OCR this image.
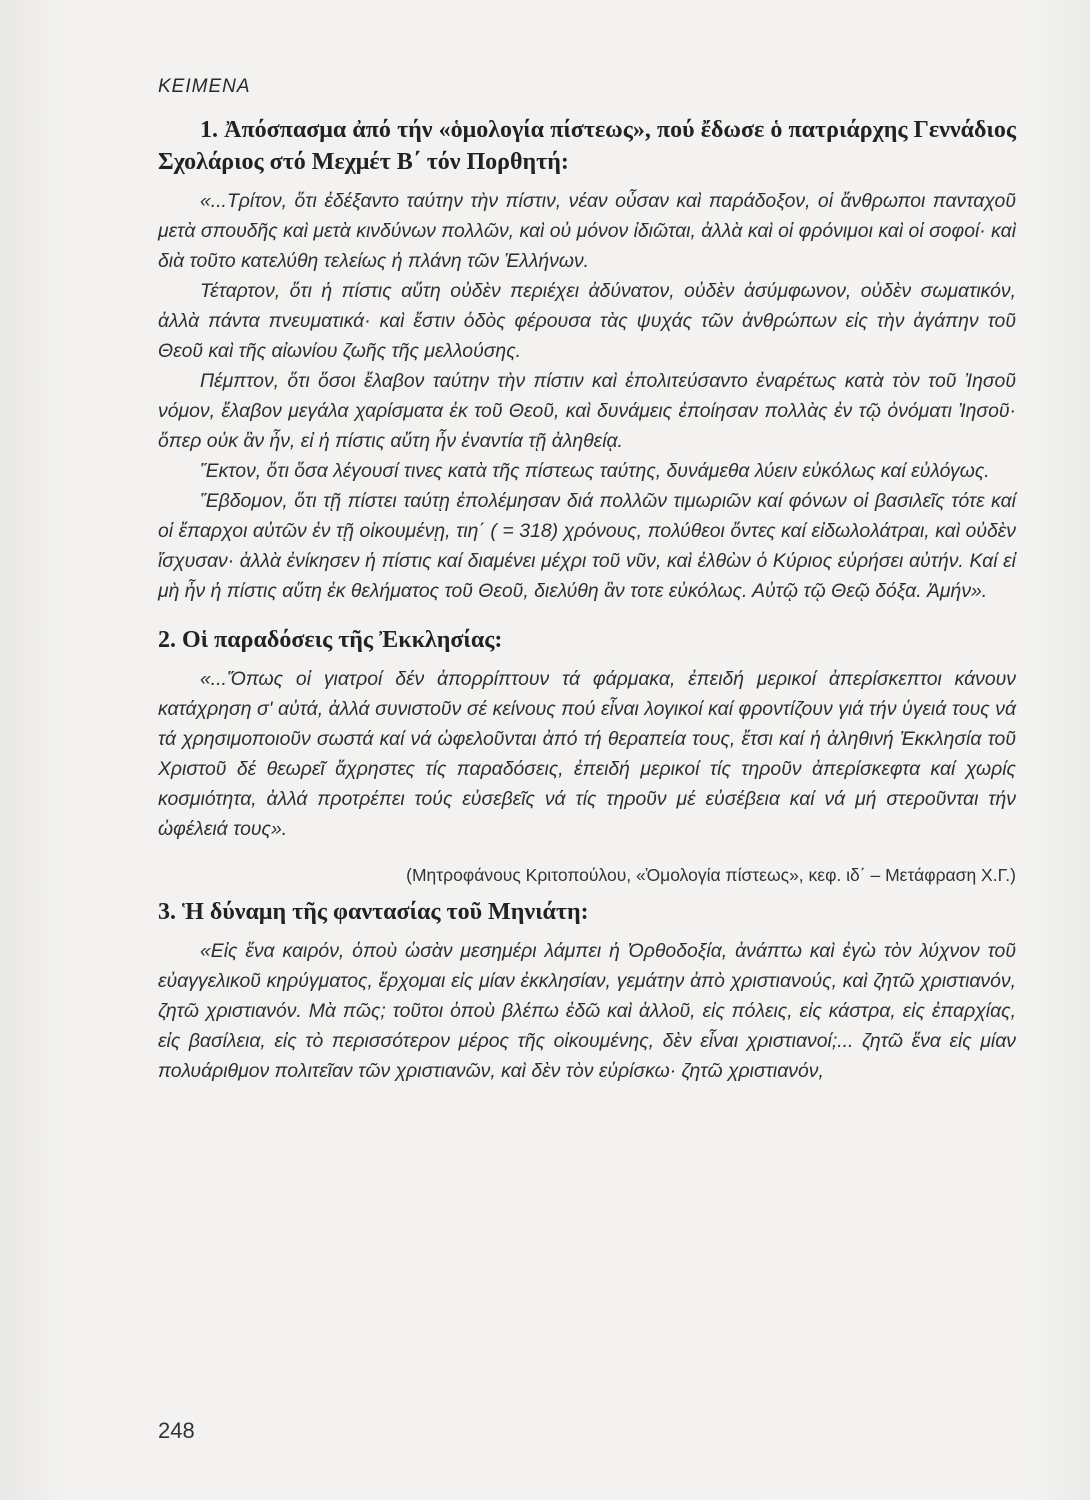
ΚΕΙΜΕΝΑ
1. Ἀπόσπασμα ἀπό τήν «ὁμολογία πίστεως», πού ἔδωσε ὁ πατριάρχης Γεννάδιος Σχολάριος στό Μεχμέτ Β΄ τόν Πορθητή:

«...Τρίτον, ὅτι ἐδέξαντο ταύτην τὴν πίστιν, νέαν οὖσαν καὶ παράδοξον, οἱ ἄνθρωποι πανταχοῦ μετὰ σπουδῆς καὶ μετὰ κινδύνων πολλῶν, καὶ οὐ μόνον ἰδιῶται, ἀλλὰ καὶ οἱ φρόνιμοι καὶ οἱ σοφοί· καὶ διὰ τοῦτο κατελύθη τελείως ἡ πλάνη τῶν Ἑλλήνων.

Τέταρτον, ὅτι ἡ πίστις αὕτη οὐδὲν περιέχει ἀδύνατον, οὐδὲν ἀσύμφωνον, οὐδὲν σωματικόν, ἀλλὰ πάντα πνευματικά· καὶ ἔστιν ὁδὸς φέρουσα τὰς ψυχάς τῶν ἀνθρώπων εἰς τὴν ἀγάπην τοῦ Θεοῦ καὶ τῆς αἰωνίου ζωῆς τῆς μελλούσης.

Πέμπτον, ὅτι ὅσοι ἔλαβον ταύτην τὴν πίστιν καὶ ἐπολιτεύσαντο ἐναρέτως κατὰ τὸν τοῦ Ἰησοῦ νόμον, ἔλαβον μεγάλα χαρίσματα ἐκ τοῦ Θεοῦ, καὶ δυνάμεις ἐποίησαν πολλὰς ἐν τῷ ὀνόματι Ἰησοῦ· ὅπερ οὐκ ἂν ἦν, εἰ ἡ πίστις αὕτη ἦν ἐναντία τῇ ἀληθείᾳ.

Ἕκτον, ὅτι ὅσα λέγουσί τινες κατὰ τῆς πίστεως ταύτης, δυνάμεθα λύειν εὐκόλως καί εὐλόγως.

Ἕβδομον, ὅτι τῇ πίστει ταύτῃ ἐπολέμησαν διά πολλῶν τιμωριῶν καί φόνων οἱ βασιλεῖς τότε καί οἱ ἔπαρχοι αὐτῶν ἐν τῇ οἰκουμένῃ, τιη΄ ( = 318) χρόνους, πολύθεοι ὄντες καί εἰδωλολάτραι, καὶ οὐδὲν ἴσχυσαν· ἀλλὰ ἐνίκησεν ἡ πίστις καί διαμένει μέχρι τοῦ νῦν, καὶ ἐλθὼν ὁ Κύριος εὑρήσει αὐτήν. Καί εἰ μὴ ἦν ἡ πίστις αὕτη ἐκ θελήματος τοῦ Θεοῦ, διελύθη ἂν τοτε εὐκόλως. Αὐτῷ τῷ Θεῷ δόξα. Ἀμήν».

2. Οἱ παραδόσεις τῆς Ἐκκλησίας:

«...Ὅπως οἱ γιατροί δέν ἀπορρίπτουν τά φάρμακα, ἐπειδή μερικοί ἀπερίσκεπτοι κάνουν κατάχρηση σ' αὐτά, ἀλλά συνιστοῦν σέ κείνους πού εἶναι λογικοί καί φροντίζουν γιά τήν ὑγειά τους νά τά χρησιμοποιοῦν σωστά καί νά ὠφελοῦνται ἀπό τή θεραπεία τους, ἔτσι καί ἡ ἀληθινή Ἐκκλησία τοῦ Χριστοῦ δέ θεωρεῖ ἄχρηστες τίς παραδόσεις, ἐπειδή μερικοί τίς τηροῦν ἀπερίσκεφτα καί χωρίς κοσμιότητα, ἀλλά προτρέπει τούς εὐσεβεῖς νά τίς τηροῦν μέ εὐσέβεια καί νά μή στεροῦνται τήν ὠφέλειά τους».

(Μητροφάνους Κριτοπούλου, «Ὁμολογία πίστεως», κεφ. ιδ΄ – Μετάφραση Χ.Γ.)
3. Ἡ δύναμη τῆς φαντασίας τοῦ Μηνιάτη:

«Εἰς ἕνα καιρόν, ὁποὺ ὡσὰν μεσημέρι λάμπει ἡ Ὀρθοδοξία, ἀνάπτω καὶ ἐγὼ τὸν λύχνον τοῦ εὐαγγελικοῦ κηρύγματος, ἔρχομαι εἰς μίαν ἐκκλησίαν, γεμάτην ἀπὸ χριστιανούς, καὶ ζητῶ χριστιανόν, ζητῶ χριστιανόν. Μὰ πῶς; τοῦτοι ὁποὺ βλέπω ἐδῶ καὶ ἀλλοῦ, εἰς πόλεις, εἰς κάστρα, εἰς ἐπαρχίας, εἰς βασίλεια, εἰς τὸ περισσότερον μέρος τῆς οἰκουμένης, δὲν εἶναι χριστιανοί;... ζητῶ ἕνα εἰς μίαν πολυάριθμον πολιτεῖαν τῶν χριστιανῶν, καὶ δὲν τὸν εὑρίσκω· ζητῶ χριστιανόν,

248
